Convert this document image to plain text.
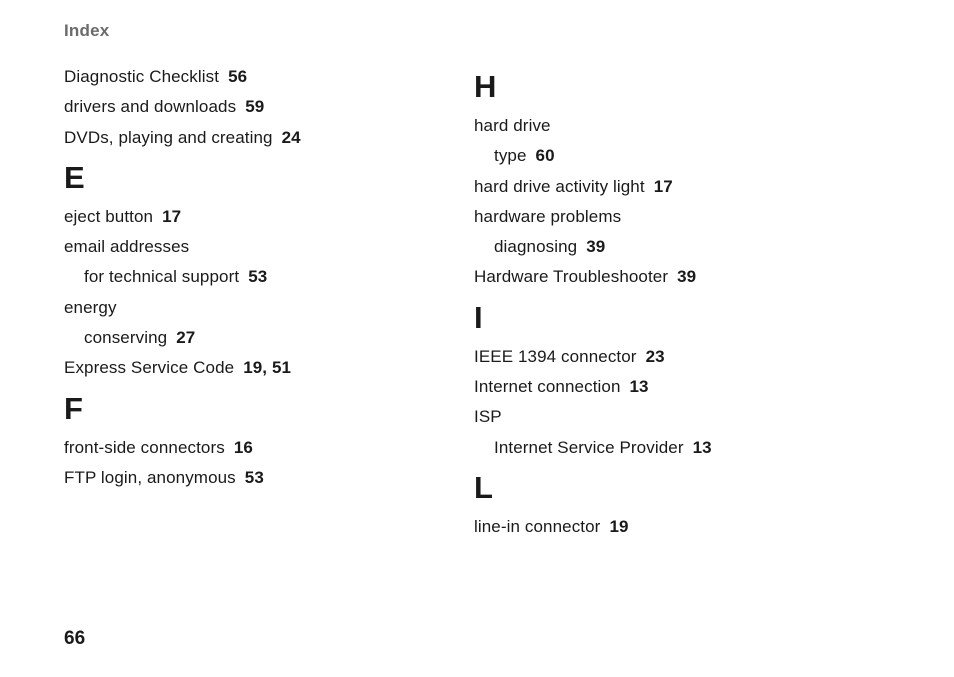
Index
Diagnostic Checklist 56
drivers and downloads 59
DVDs, playing and creating 24
E
eject button 17
email addresses
for technical support 53
energy
conserving 27
Express Service Code 19, 51
F
front-side connectors 16
FTP login, anonymous 53
H
hard drive
type 60
hard drive activity light 17
hardware problems
diagnosing 39
Hardware Troubleshooter 39
I
IEEE 1394 connector 23
Internet connection 13
ISP
Internet Service Provider 13
L
line-in connector 19
66
